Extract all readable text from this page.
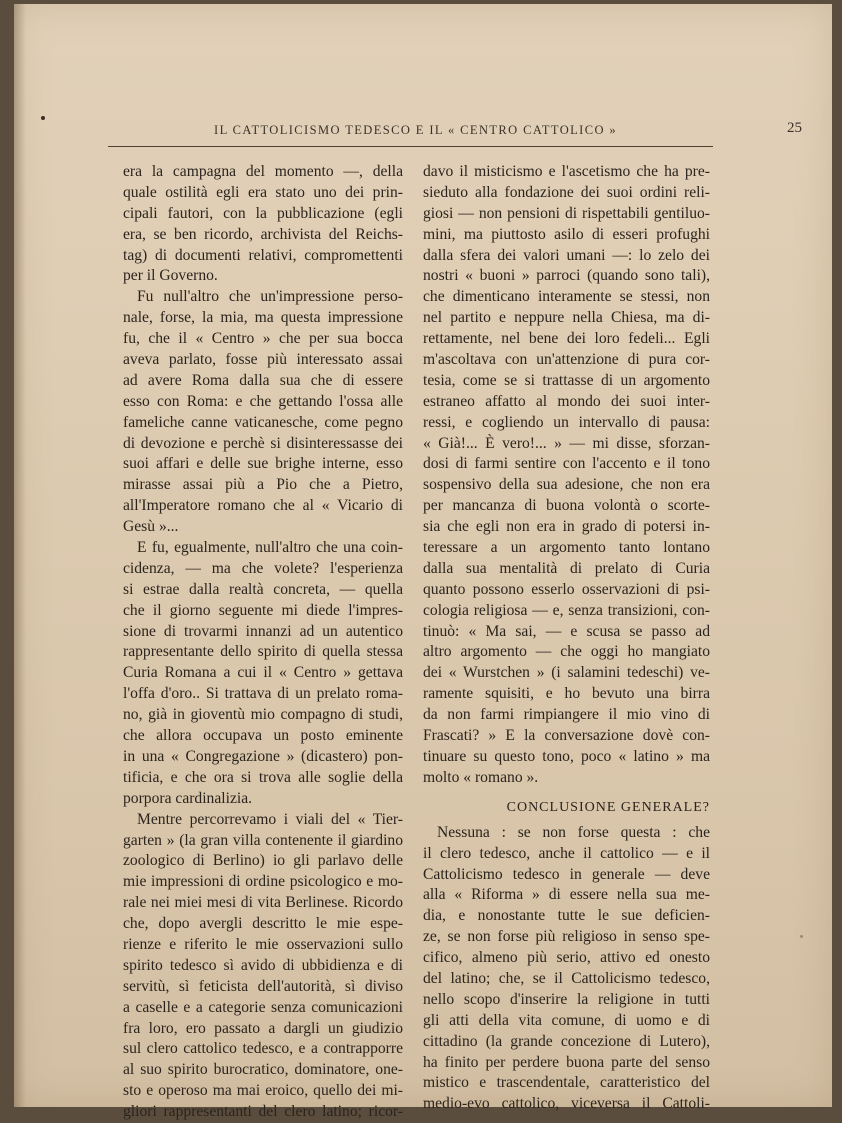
IL CATTOLICISMO TEDESCO E IL « CENTRO CATTOLICO »	25
era la campagna del momento —, della
quale ostilità egli era stato uno dei prin-
cipali fautori, con la pubblicazione (egli
era, se ben ricordo, archivista del Reichs-
tag) di documenti relativi, compromettenti
per il Governo.
Fu null'altro che un'impressione perso-
nale, forse, la mia, ma questa impressione
fu, che il « Centro » che per sua bocca
aveva parlato, fosse più interessato assai
ad avere Roma dalla sua che di essere
esso con Roma: e che gettando l'ossa alle
fameliche canne vaticanesche, come pegno
di devozione e perchè si disinteressasse dei
suoi affari e delle sue brighe interne, esso
mirasse assai più a Pio che a Pietro,
all'Imperatore romano che al « Vicario di
Gesù »...
E fu, egualmente, null'altro che una coin-
cidenza, — ma che volete? l'esperienza
si estrae dalla realtà concreta, — quella
che il giorno seguente mi diede l'impres-
sione di trovarmi innanzi ad un autentico
rappresentante dello spirito di quella stessa
Curia Romana a cui il « Centro » gettava
l'offa d'oro.. Si trattava di un prelato roma-
no, già in gioventù mio compagno di studi,
che allora occupava un posto eminente
in una « Congregazione » (dicastero) pon-
tificia, e che ora si trova alle soglie della
porpora cardinalizia.
Mentre percorrevamo i viali del « Tier-
garten » (la gran villa contenente il giardino
zoologico di Berlino) io gli parlavo delle
mie impressioni di ordine psicologico e mo-
rale nei miei mesi di vita Berlinese. Ricordo
che, dopo avergli descritto le mie espe-
rienze e riferito le mie osservazioni sullo
spirito tedesco sì avido di ubbidienza e di
servitù, sì feticista dell'autorità, sì diviso
a caselle e a categorie senza comunicazioni
fra loro, ero passato a dargli un giudizio
sul clero cattolico tedesco, e a contrapporre
al suo spirito burocratico, dominatore, one-
sto e operoso ma mai eroico, quello dei mi-
gliori rappresentanti del clero latino; ricor-
davo il misticismo e l'ascetismo che ha pre-
sieduto alla fondazione dei suoi ordini reli-
giosi — non pensioni di rispettabili gentiluo-
mini, ma piuttosto asilo di esseri profughi
dalla sfera dei valori umani —: lo zelo dei
nostri « buoni » parroci (quando sono tali),
che dimenticano interamente se stessi, non
nel partito e neppure nella Chiesa, ma di-
rettamente, nel bene dei loro fedeli... Egli
m'ascoltava con un'attenzione di pura cor-
tesia, come se si trattasse di un argomento
estraneo affatto al mondo dei suoi inter-
ressi, e cogliendo un intervallo di pausa:
« Già!... È vero!... » — mi disse, sforzan-
dosi di farmi sentire con l'accento e il tono
sospensivo della sua adesione, che non era
per mancanza di buona volontà o scorte-
sia che egli non era in grado di potersi in-
teressare a un argomento tanto lontano
dalla sua mentalità di prelato di Curia
quanto possono esserlo osservazioni di psi-
cologia religiosa — e, senza transizioni, con-
tinuò: « Ma sai, — e scusa se passo ad
altro argomento — che oggi ho mangiato
dei « Wurstchen » (i salamini tedeschi) ve-
ramente squisiti, e ho bevuto una birra
da non farmi rimpiangere il mio vino di
Frascati? » E la conversazione dovè con-
tinuare su questo tono, poco « latino » ma
molto « romano ».
CONCLUSIONE GENERALE?
Nessuna : se non forse questa : che
il clero tedesco, anche il cattolico — e il
Cattolicismo tedesco in generale — deve
alla « Riforma » di essere nella sua me-
dia, e nonostante tutte le sue deficien-
ze, se non forse più religioso in senso spe-
cifico, almeno più serio, attivo ed onesto
del latino; che, se il Cattolicismo tedesco,
nello scopo d'inserire la religione in tutti
gli atti della vita comune, di uomo e di
cittadino (la grande concezione di Lutero),
ha finito per perdere buona parte del senso
mistico e trascendentale, caratteristico del
medio-evo cattolico, viceversa il Cattoli-
